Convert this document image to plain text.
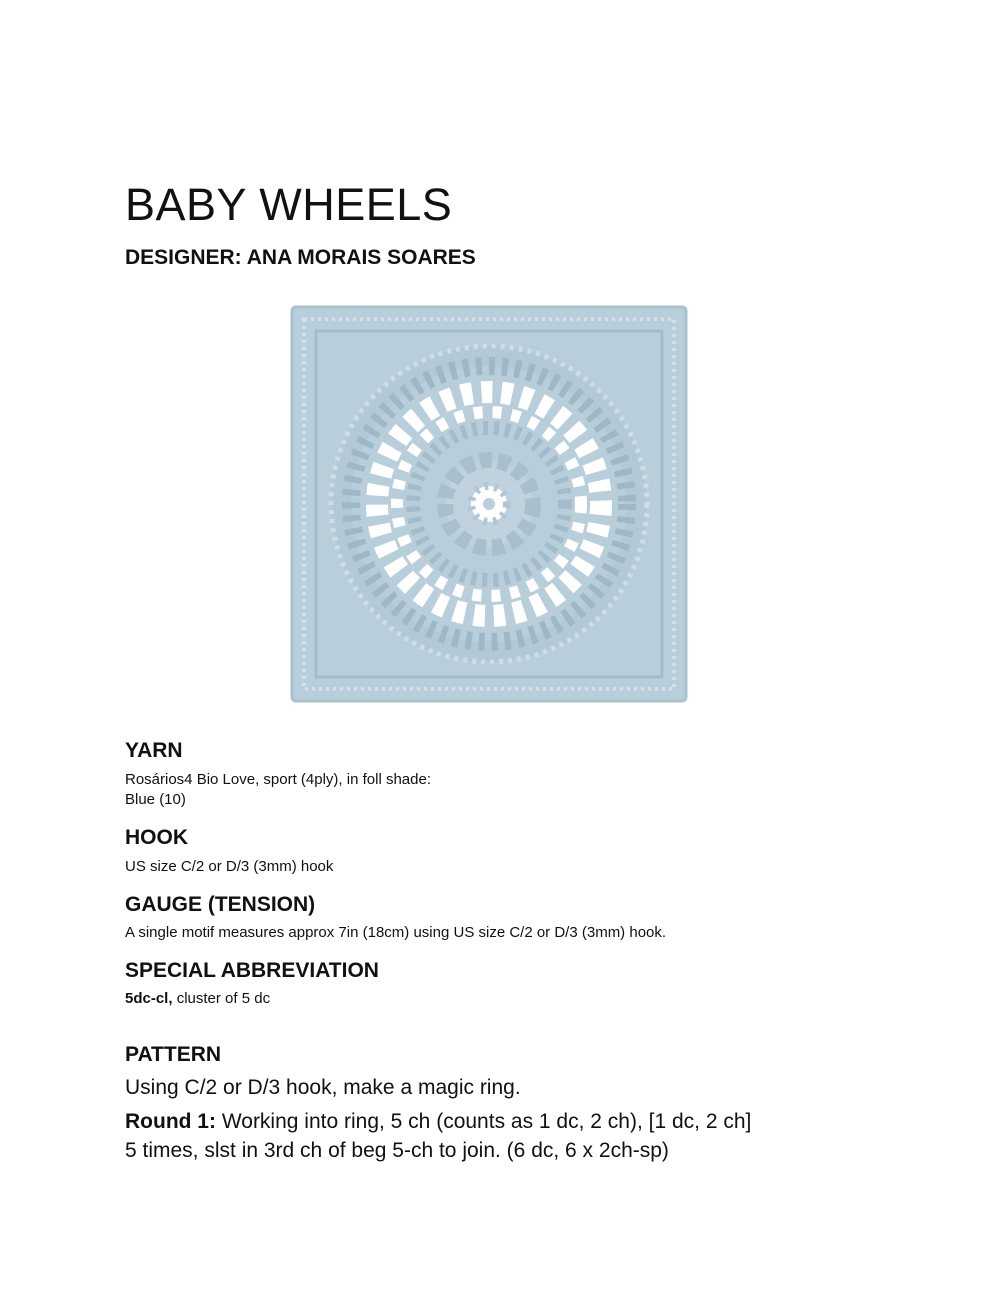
BABY WHEELS
DESIGNER: ANA MORAIS SOARES
YARN
Rosários4 Bio Love, sport (4ply), in foll shade:
Blue (10)
HOOK
US size C/2 or D/3 (3mm) hook
GAUGE (TENSION)
A single motif measures approx 7in (18cm) using US size C/2 or D/3 (3mm) hook.
SPECIAL ABBREVIATION
5dc-cl, cluster of 5 dc
PATTERN
Using C/2 or D/3 hook, make a magic ring.
Round 1: Working into ring, 5 ch (counts as 1 dc, 2 ch), [1 dc, 2 ch]
5 times, slst in 3rd ch of beg 5-ch to join. (6 dc, 6 x 2ch-sp)
